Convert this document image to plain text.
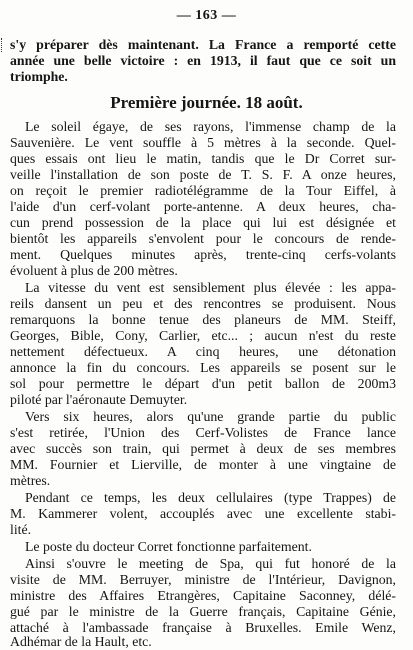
— 163 —
s'y préparer dès maintenant. La France a remporté cette
année une belle victoire : en 1913, il faut que ce soit un
triomphe.
Première journée. 18 août.
Le soleil égaye, de ses rayons, l'immense champ de la
Sauvenière. Le vent souffle à 5 mètres à la seconde. Quel-
ques essais ont lieu le matin, tandis que le Dr Corret sur-
veille l'installation de son poste de T. S. F. A onze heures,
on reçoit le premier radiotélégramme de la Tour Eiffel, à
l'aide d'un cerf-volant porte-antenne. A deux heures, cha-
cun prend possession de la place qui lui est désignée et
bientôt les appareils s'envolent pour le concours de rende-
ment. Quelques minutes après, trente-cinq cerfs-volants
évoluent à plus de 200 mètres.
La vitesse du vent est sensiblement plus élevée : les appa-
reils dansent un peu et des rencontres se produisent. Nous
remarquons la bonne tenue des planeurs de MM. Steiff,
Georges, Bible, Cony, Carlier, etc... ; aucun n'est du reste
nettement défectueux. A cinq heures, une détonation
annonce la fin du concours. Les appareils se posent sur le
sol pour permettre le départ d'un petit ballon de 200m3
piloté par l'aéronaute Demuyter.
Vers six heures, alors qu'une grande partie du public
s'est retirée, l'Union des Cerf-Volistes de France lance
avec succès son train, qui permet à deux de ses membres
MM. Fournier et Lierville, de monter à une vingtaine de
mètres.
Pendant ce temps, les deux cellulaires (type Trappes) de
M. Kammerer volent, accouplés avec une excellente stabi-
lité.
Le poste du docteur Corret fonctionne parfaitement.
Ainsi s'ouvre le meeting de Spa, qui fut honoré de la
visite de MM. Berruyer, ministre de l'Intérieur, Davignon,
ministre des Affaires Etrangères, Capitaine Saconney, délé-
gué par le ministre de la Guerre français, Capitaine Génie,
attaché à l'ambassade française à Bruxelles. Emile Wenz,
Adhémar de la Hault, etc.
